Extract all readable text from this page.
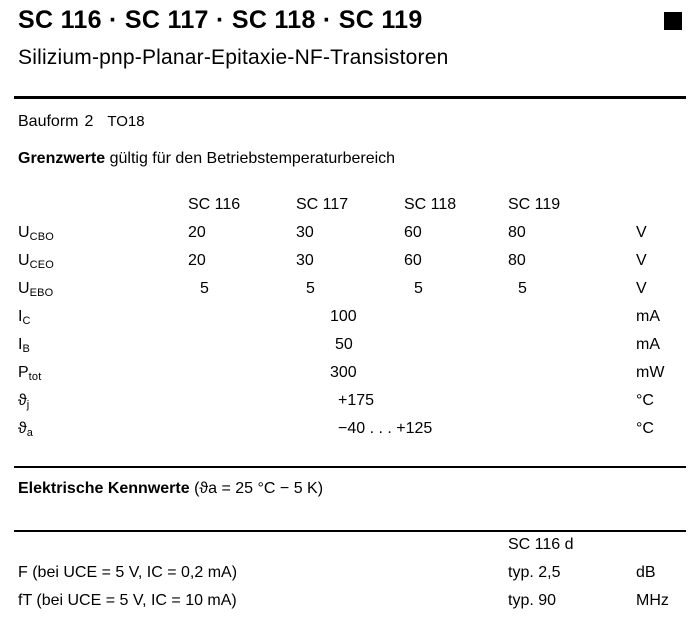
SC 116 · SC 117 · SC 118 · SC 119
Silizium-pnp-Planar-Epitaxie-NF-Transistoren
Bauform 2 TO18
Grenzwerte gültig für den Betriebstemperaturbereich
SC 116	SC 117	SC 118	SC 119
UCBO	20	30	60	80	V
UCEO	20	30	60	80	V
UEBO	5	5	5	5	V
IC	100	mA
IB	50	mA
Ptot	300	mW
ϑj	+175	°C
ϑa	−40 . . . +125	°C
Elektrische Kennwerte (ϑa = 25 °C − 5 K)
SC 116 d
F (bei UCE = 5 V, IC = 0,2 mA)	typ. 2,5	dB
fT (bei UCE = 5 V, IC = 10 mA)	typ. 90	MHz
